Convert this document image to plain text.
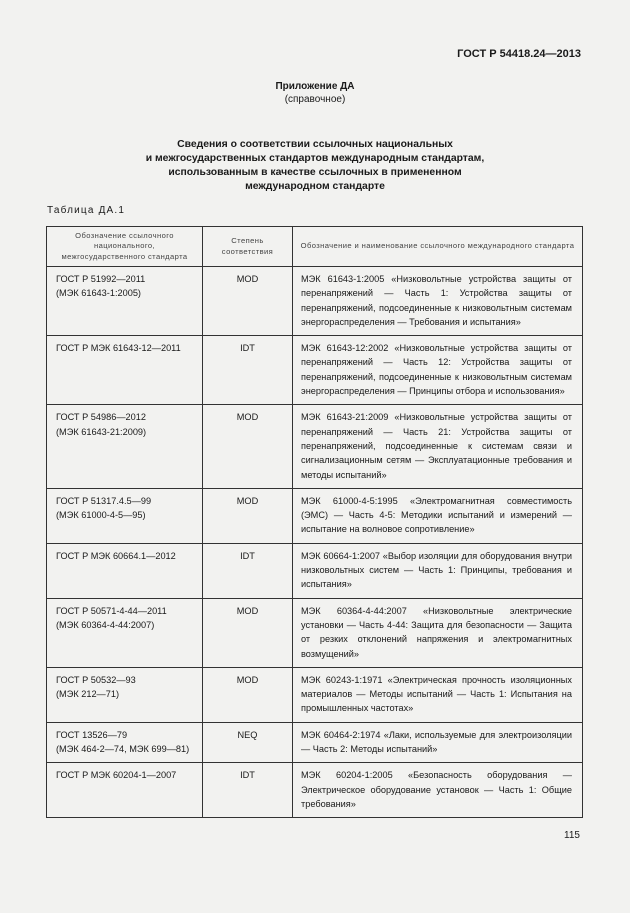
ГОСТ Р 54418.24—2013
Приложение ДА
(справочное)
Сведения о соответствии ссылочных национальных
и межгосударственных стандартов международным стандартам,
использованным в качестве ссылочных в примененном
международном стандарте
Таблица ДА.1
Обозначение ссылочного национального, межгосударственного стандарта	Степень соответствия	Обозначение и наименование ссылочного международного стандарта
ГОСТ Р 51992—2011
(МЭК 61643-1:2005)	MOD	МЭК 61643-1:2005 «Низковольтные устройства защиты от перенапряжений — Часть 1: Устройства защиты от перенапряжений, подсоединенные к низковольтным системам энергораспределения — Требования и испытания»
ГОСТ Р МЭК 61643-12—2011	IDT	МЭК 61643-12:2002 «Низковольтные устройства защиты от перенапряжений — Часть 12: Устройства защиты от перенапряжений, подсоединенные к низковольтным системам энергораспределения — Принципы отбора и использования»
ГОСТ Р 54986—2012
(МЭК 61643-21:2009)	MOD	МЭК 61643-21:2009 «Низковольтные устройства защиты от перенапряжений — Часть 21: Устройства защиты от перенапряжений, подсоединенные к системам связи и сигнализационным сетям — Эксплуатационные требования и методы испытаний»
ГОСТ Р 51317.4.5—99
(МЭК 61000-4-5—95)	MOD	МЭК 61000-4-5:1995 «Электромагнитная совместимость (ЭМС) — Часть 4-5: Методики испытаний и измерений — испытание на волновое сопротивление»
ГОСТ Р МЭК 60664.1—2012	IDT	МЭК 60664-1:2007 «Выбор изоляции для оборудования внутри низковольтных систем — Часть 1: Принципы, требования и испытания»
ГОСТ Р 50571-4-44—2011
(МЭК 60364-4-44:2007)	MOD	МЭК 60364-4-44:2007 «Низковольтные электрические установки — Часть 4-44: Защита для безопасности — Защита от резких отклонений напряжения и электромагнитных возмущений»
ГОСТ Р 50532—93
(МЭК 212—71)	MOD	МЭК 60243-1:1971 «Электрическая прочность изоляционных материалов — Методы испытаний — Часть 1: Испытания на промышленных частотах»
ГОСТ 13526—79
(МЭК 464-2—74, МЭК 699—81)	NEQ	МЭК 60464-2:1974 «Лаки, используемые для электроизоляции — Часть 2: Методы испытаний»
ГОСТ Р МЭК 60204-1—2007	IDT	МЭК 60204-1:2005 «Безопасность оборудования — Электрическое оборудование установок — Часть 1: Общие требования»
115
